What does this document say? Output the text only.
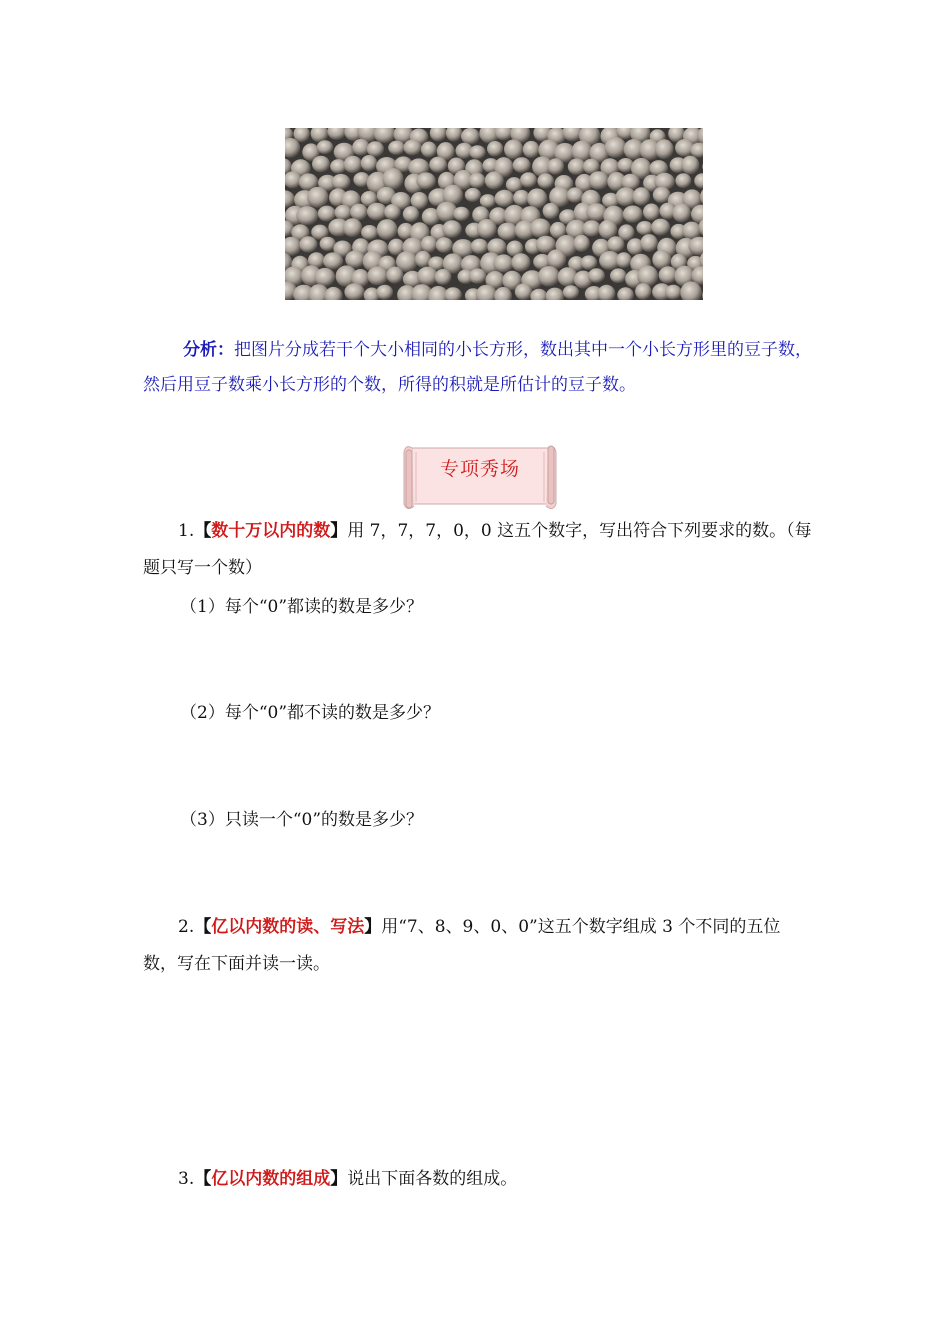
分析：把图片分成若干个大小相同的小长方形，数出其中一个小长方形里的豆子数，然后用豆子数乘小长方形的个数，所得的积就是所估计的豆子数。
专项秀场
1.【数十万以内的数】用 7，7，7，0，0 这五个数字，写出符合下列要求的数。（每题只写一个数）
（1）每个“0”都读的数是多少？
（2）每个“0”都不读的数是多少？
（3）只读一个“0”的数是多少？
2.【亿以内数的读、写法】用“7、8、9、0、0”这五个数字组成 3 个不同的五位数，写在下面并读一读。
3.【亿以内数的组成】说出下面各数的组成。
